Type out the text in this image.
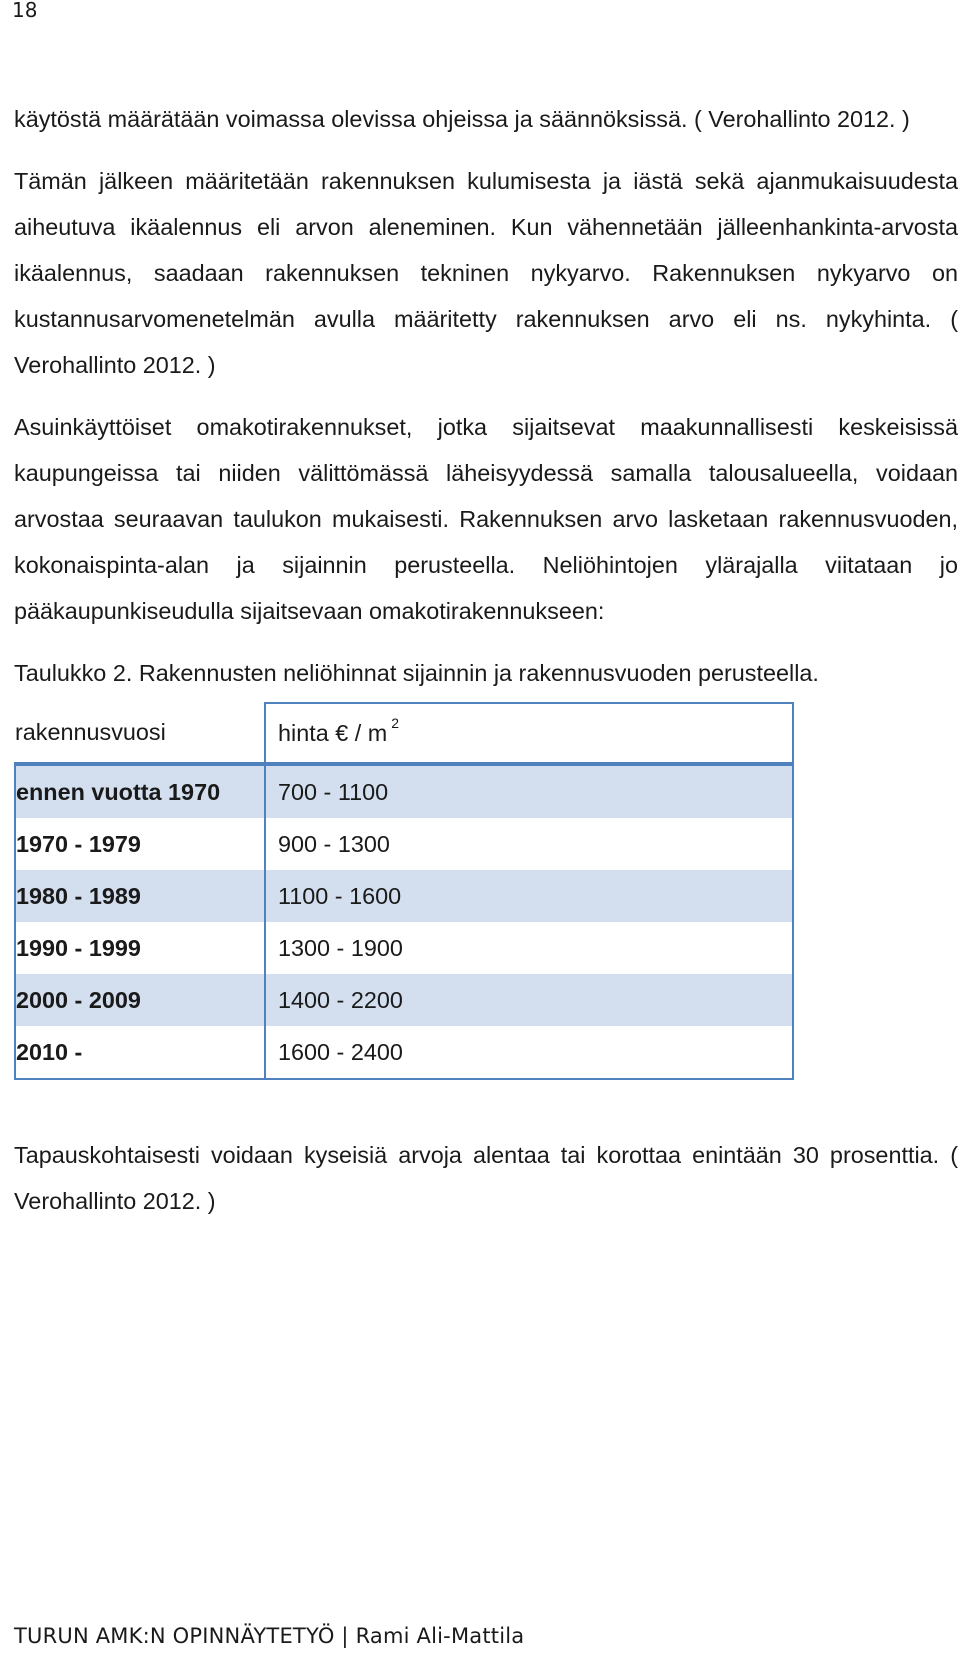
18

käytöstä määrätään voimassa olevissa ohjeissa ja säännöksissä. ( Verohallinto 2012. )

Tämän jälkeen määritetään rakennuksen kulumisesta ja iästä sekä ajanmukaisuudesta aiheutuva ikäalennus eli arvon aleneminen. Kun vähennetään jälleenhankinta-arvosta ikäalennus, saadaan rakennuksen tekninen nykyarvo. Rakennuksen nykyarvo on kustannusarvomenetelmän avulla määritetty rakennuksen arvo eli ns. nykyhinta. ( Verohallinto 2012. )

Asuinkäyttöiset omakotirakennukset, jotka sijaitsevat maakunnallisesti keskeisissä kaupungeissa tai niiden välittömässä läheisyydessä samalla talousalueella, voidaan arvostaa seuraavan taulukon mukaisesti. Rakennuksen arvo lasketaan rakennusvuoden, kokonaispinta-alan ja sijainnin perusteella. Neliöhintojen ylärajalla viitataan jo pääkaupunkiseudulla sijaitsevaan omakotirakennukseen:

Taulukko 2. Rakennusten neliöhinnat sijainnin ja rakennusvuoden perusteella.

rakennusvuosi	hinta € / m $^2$
ennen vuotta 1970	700 - 1100
1970 - 1979	900 - 1300
1980 - 1989	1100 - 1600
1990 - 1999	1300 - 1900
2000 - 2009	1400 - 2200
2010 -	1600 - 2400

Tapauskohtaisesti voidaan kyseisiä arvoja alentaa tai korottaa enintään 30 prosenttia. ( Verohallinto 2012. )

TURUN AMK:N OPINNÄYTETYÖ | Rami Ali-Mattila
